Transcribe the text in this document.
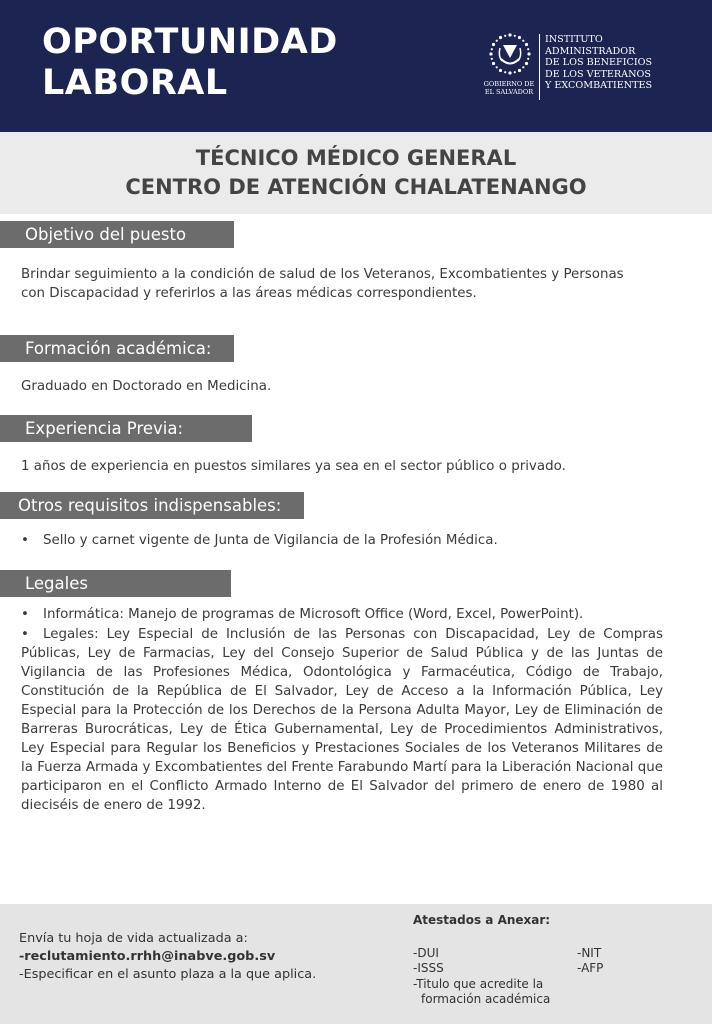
OPORTUNIDAD
LABORAL	GOBIERNO DE
EL SALVADOR
INSTITUTO
ADMINISTRADOR
DE LOS BENEFICIOS
DE LOS VETERANOS
Y EXCOMBATIENTES
TÉCNICO MÉDICO GENERAL
CENTRO DE ATENCIÓN CHALATENANGO
Objetivo del puesto
Brindar seguimiento a la condición de salud de los Veteranos, Excombatientes y Personas
con Discapacidad y referirlos a las áreas médicas correspondientes.
Formación académica:
Graduado en Doctorado en Medicina.
Experiencia Previa:
1 años de experiencia en puestos similares ya sea en el sector público o privado.
Otros requisitos indispensables:
• Sello y carnet vigente de Junta de Vigilancia de la Profesión Médica.
Legales
• Informática: Manejo de programas de Microsoft Office (Word, Excel, PowerPoint).
• Legales: Ley Especial de Inclusión de las Personas con Discapacidad, Ley de Compras Públicas, Ley de Farmacias, Ley del Consejo Superior de Salud Pública y de las Juntas de Vigilancia de las Profesiones Médica, Odontológica y Farmacéutica, Código de Trabajo, Constitución de la República de El Salvador, Ley de Acceso a la Información Pública, Ley Especial para la Protección de los Derechos de la Persona Adulta Mayor, Ley de Eliminación de Barreras Burocráticas, Ley de Ética Gubernamental, Ley de Procedimientos Administrativos, Ley Especial para Regular los Beneficios y Prestaciones Sociales de los Veteranos Militares de la Fuerza Armada y Excombatientes del Frente Farabundo Martí para la Liberación Nacional que participaron en el Conflicto Armado Interno de El Salvador del primero de enero de 1980 al dieciséis de enero de 1992.
Envía tu hoja de vida actualizada a:
-reclutamiento.rrhh@inabve.gob.sv
-Especificar en el asunto plaza a la que aplica.
Atestados a Anexar:
-DUI
-ISSS
-Titulo que acredite la
formación académica
-NIT
-AFP
